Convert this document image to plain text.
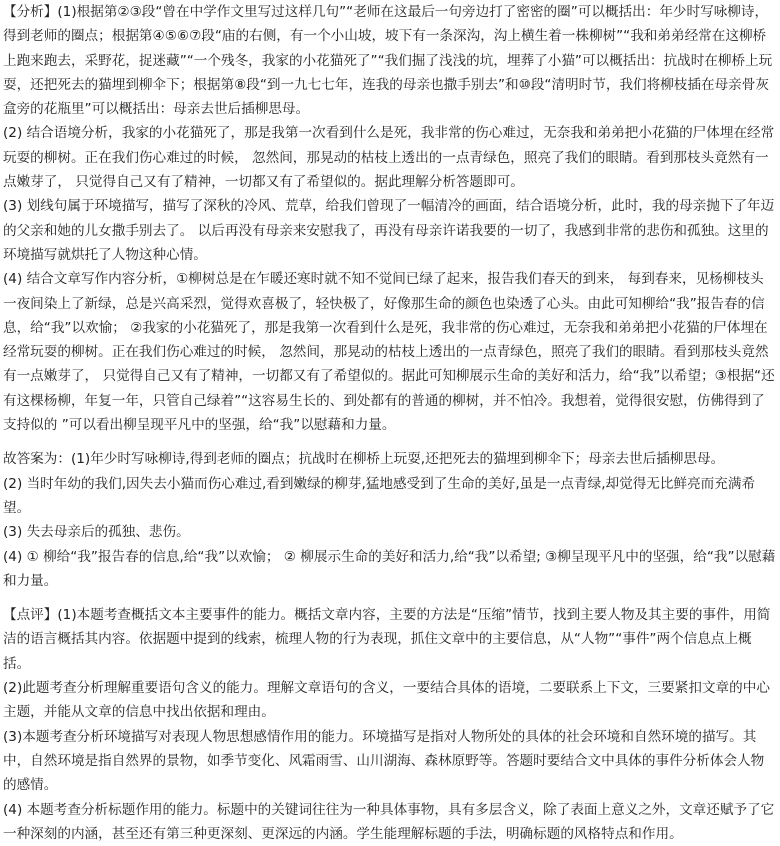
【分析】(1)根据第②③段“曾在中学作文里写过这样几句”“老师在这最后一句旁边打了密密的圈”可以概括出：年少时写咏柳诗，得到老师的圈点；根据第④⑤⑥⑦段“庙的右侧，有一个小山坡，坡下有一条深沟，沟上横生着一株柳树”“我和弟弟经常在这柳桥上跑来跑去，采野花，捉迷藏”“一个残冬，我家的小花猫死了”“我们掘了浅浅的坑，埋葬了小猫”可以概括出：抗战时在柳桥上玩耍，还把死去的猫埋到柳伞下；根据第⑧段“到一九七七年，连我的母亲也撒手别去”和⑩段“清明时节，我们将柳枝插在母亲骨灰盒旁的花瓶里”可以概括出：母亲去世后插柳思母。

(2) 结合语境分析，我家的小花猫死了，那是我第一次看到什么是死，我非常的伤心难过，无奈我和弟弟把小花猫的尸体埋在经常玩耍的柳树。正在我们伤心难过的时候， 忽然间，那晃动的枯枝上透出的一点青绿色，照亮了我们的眼睛。看到那枝头竟然有一点嫩芽了， 只觉得自己又有了精神，一切都又有了希望似的。据此理解分析答题即可。

(3) 划线句属于环境描写，描写了深秋的冷风、荒草，给我们曾现了一幅清冷的画面，结合语境分析，此时，我的母亲抛下了年迈的父亲和她的儿女撒手别去了。 以后再没有母亲来安慰我了，再没有母亲许诺我要的一切了，我感到非常的悲伤和孤独。这里的环境描写就烘托了人物这种心情。

(4) 结合文章写作内容分析，①柳树总是在乍暖还寒时就不知不觉间已绿了起来，报告我们春天的到来， 每到春来，见杨柳枝头一夜间染上了新绿，总是兴高采烈，觉得欢喜极了，轻快极了，好像那生命的颜色也染透了心头。由此可知柳给“我”报告春的信息，给“我”以欢愉； ②我家的小花猫死了，那是我第一次看到什么是死，我非常的伤心难过，无奈我和弟弟把小花猫的尸体埋在经常玩耍的柳树。正在我们伤心难过的时候， 忽然间，那晃动的枯枝上透出的一点青绿色，照亮了我们的眼睛。看到那枝头竟然有一点嫩芽了， 只觉得自己又有了精神，一切都又有了希望似的。据此可知柳展示生命的美好和活力，给“我”以希望；③根据“还有这棵杨柳，年复一年，只管自己绿着”“这容易生长的、到处都有的普通的柳树，并不怕冷。我想着，觉得很安慰，仿佛得到了支持似的 ”可以看出柳呈现平凡中的坚强，给“我”以慰藉和力量。

故答案为：(1)年少时写咏柳诗,得到老师的圈点；抗战时在柳桥上玩耍,还把死去的猫埋到柳伞下；母亲去世后插柳思母。

(2) 当时年幼的我们,因失去小猫而伤心难过,看到嫩绿的柳芽,猛地感受到了生命的美好,虽是一点青绿,却觉得无比鲜亮而充满希望。

(3) 失去母亲后的孤独、悲伤。

(4) ① 柳给“我”报告春的信息,给“我”以欢愉； ② 柳展示生命的美好和活力,给“我”以希望; ③柳呈现平凡中的坚强，给“我”以慰藉和力量。

【点评】(1)本题考查概括文本主要事件的能力。概括文章内容，主要的方法是“压缩”情节，找到主要人物及其主要的事件，用简洁的语言概括其内容。依据题中提到的线索，梳理人物的行为表现，抓住文章中的主要信息，从“人物”“事件”两个信息点上概括。

(2)此题考查分析理解重要语句含义的能力。理解文章语句的含义，一要结合具体的语境，二要联系上下文，三要紧扣文章的中心主题，并能从文章的信息中找出依据和理由。

(3)本题考查分析环境描写对表现人物思想感情作用的能力。环境描写是指对人物所处的具体的社会环境和自然环境的描写。其中，自然环境是指自然界的景物，如季节变化、风霜雨雪、山川湖海、森林原野等。答题时要结合文中具体的事件分析体会人物的感情。

(4) 本题考查分析标题作用的能力。标题中的关键词往往为一种具体事物，具有多层含义，除了表面上意义之外，文章还赋予了它一种深刻的内涵，甚至还有第三种更深刻、更深远的内涵。学生能理解标题的手法，明确标题的风格特点和作用。
